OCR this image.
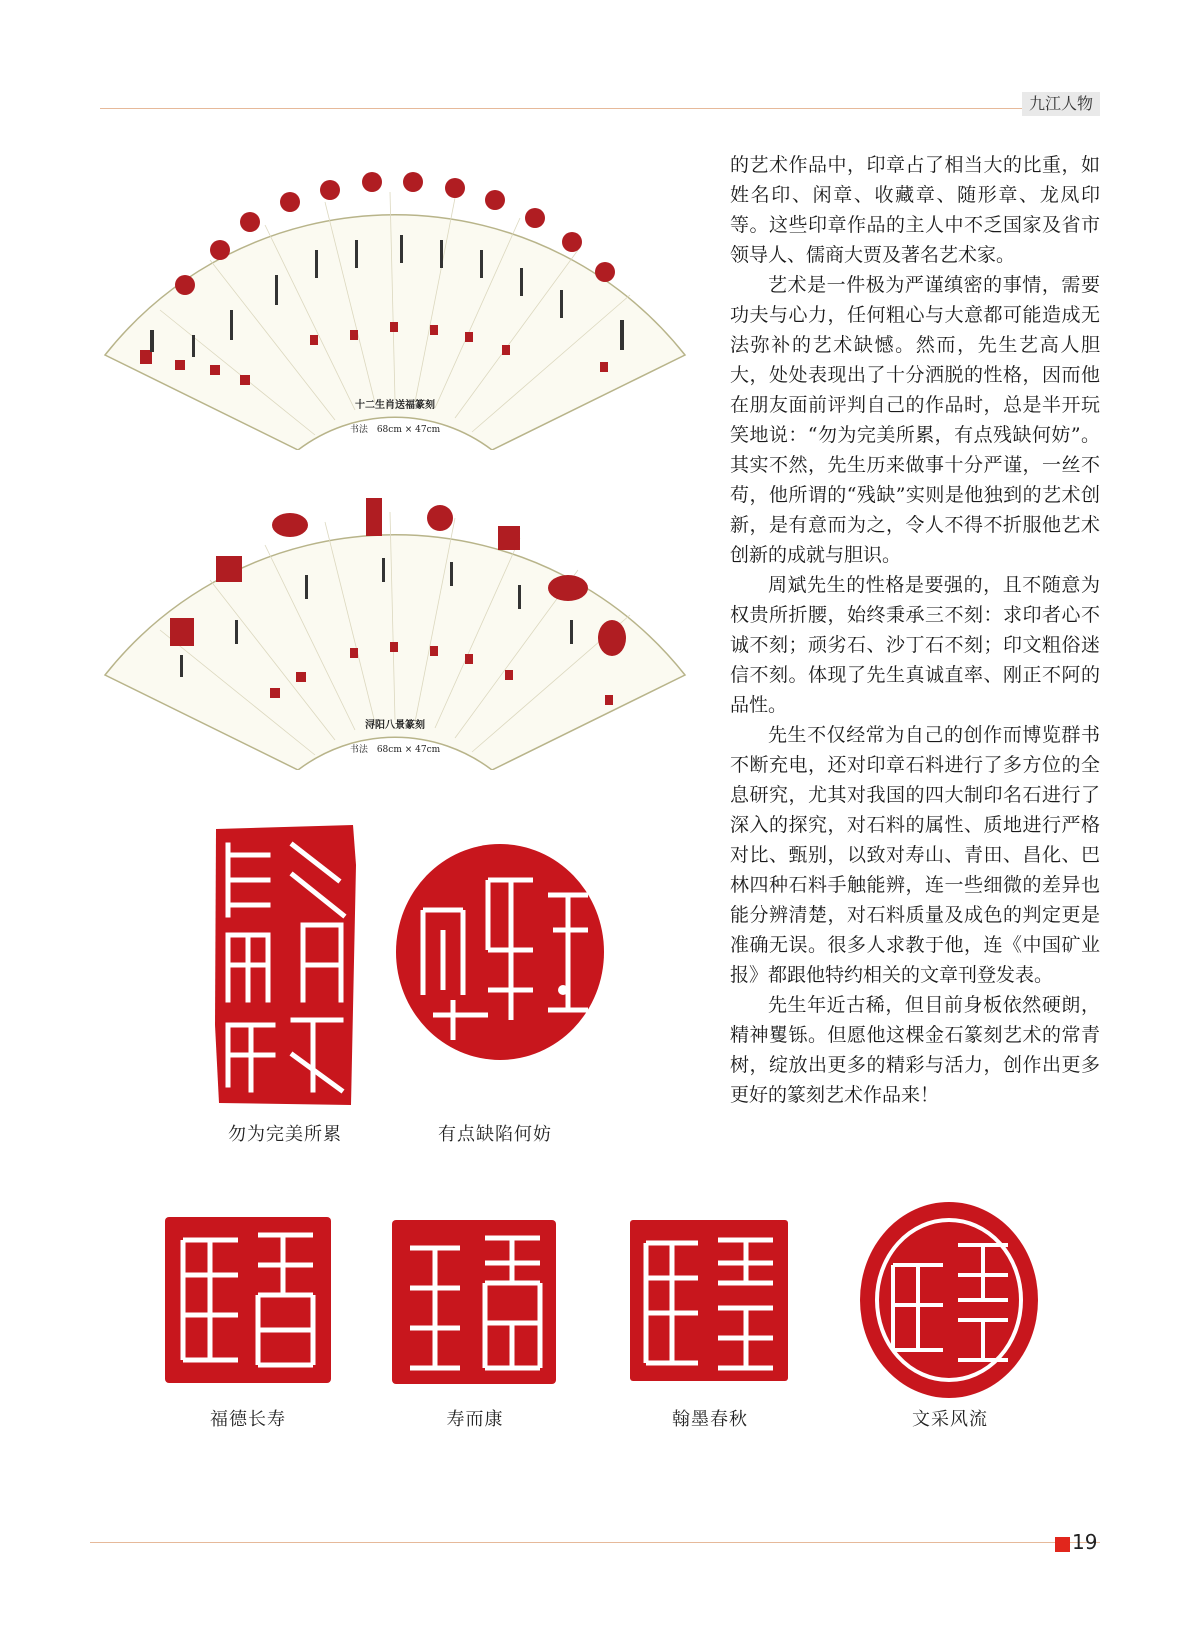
九江人物
十二生肖送福篆刻
书法　68cm × 47cm
浔阳八景篆刻
书法　68cm × 47cm

的艺术作品中，印章占了相当大的比重，如姓名印、闲章、收藏章、随形章、龙凤印等。这些印章作品的主人中不乏国家及省市领导人、儒商大贾及著名艺术家。

艺术是一件极为严谨缜密的事情，需要功夫与心力，任何粗心与大意都可能造成无法弥补的艺术缺憾。然而，先生艺高人胆大，处处表现出了十分洒脱的性格，因而他在朋友面前评判自己的作品时，总是半开玩笑地说：“勿为完美所累，有点残缺何妨”。其实不然，先生历来做事十分严谨，一丝不苟，他所谓的“残缺”实则是他独到的艺术创新，是有意而为之，令人不得不折服他艺术创新的成就与胆识。

周斌先生的性格是要强的，且不随意为权贵所折腰，始终秉承三不刻：求印者心不诚不刻；顽劣石、沙丁石不刻；印文粗俗迷信不刻。体现了先生真诚直率、刚正不阿的品性。

先生不仅经常为自己的创作而博览群书不断充电，还对印章石料进行了多方位的全息研究，尤其对我国的四大制印名石进行了深入的探究，对石料的属性、质地进行严格对比、甄别，以致对寿山、青田、昌化、巴林四种石料手触能辨，连一些细微的差异也能分辨清楚，对石料质量及成色的判定更是准确无误。很多人求教于他，连《中国矿业报》都跟他特约相关的文章刊登发表。

先生年近古稀，但目前身板依然硬朗，精神矍铄。但愿他这棵金石篆刻艺术的常青树，绽放出更多的精彩与活力，创作出更多更好的篆刻艺术作品来！

勿为完美所累	有点缺陷何妨
福德长寿	寿而康	翰墨春秋	文采风流
19
